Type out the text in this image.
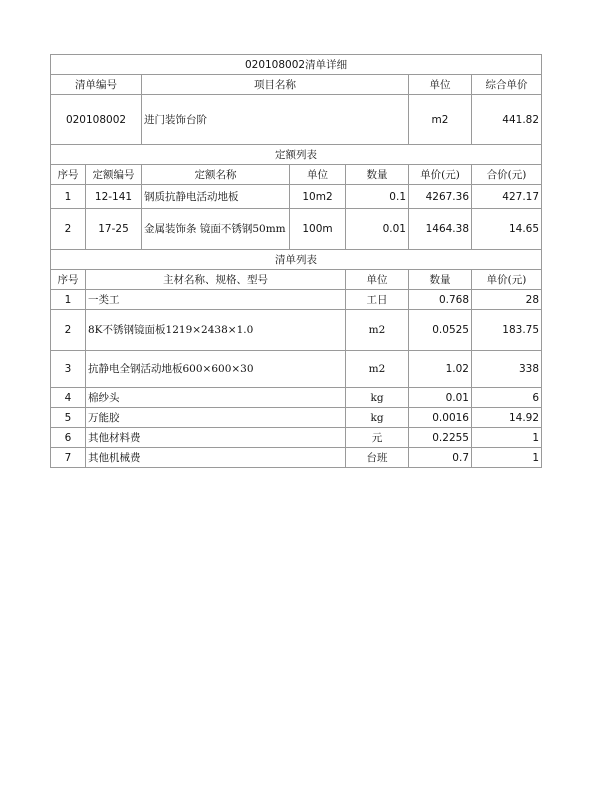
020108002清单详细							
清单编号		项目名称			单位	综合单价	
020108002		进门装饰台阶			m2	441.82	
定额列表							
序号	定额编号	定额名称	单位	数量	单价(元)	合价(元)	
1	12-141	钢质抗静电活动地板	10m2	0.1	4267.36	427.17	
2	17-25	金属装饰条 镜面不锈钢50mm	100m	0.01	1464.38	14.65	
清单列表							
序号	主材名称、规格、型号			单位	数量	单价(元)	
1	一类工			工日	0.768	28	
2	8K不锈钢镜面板1219×2438×1.0			m2	0.0525	183.75	
3	抗静电全钢活动地板600×600×30			m2	1.02	338	
4	棉纱头			kg	0.01	6	
5	万能胶			kg	0.0016	14.92	
6	其他材料费			元	0.2255	1	
7	其他机械费			台班	0.7	1	
